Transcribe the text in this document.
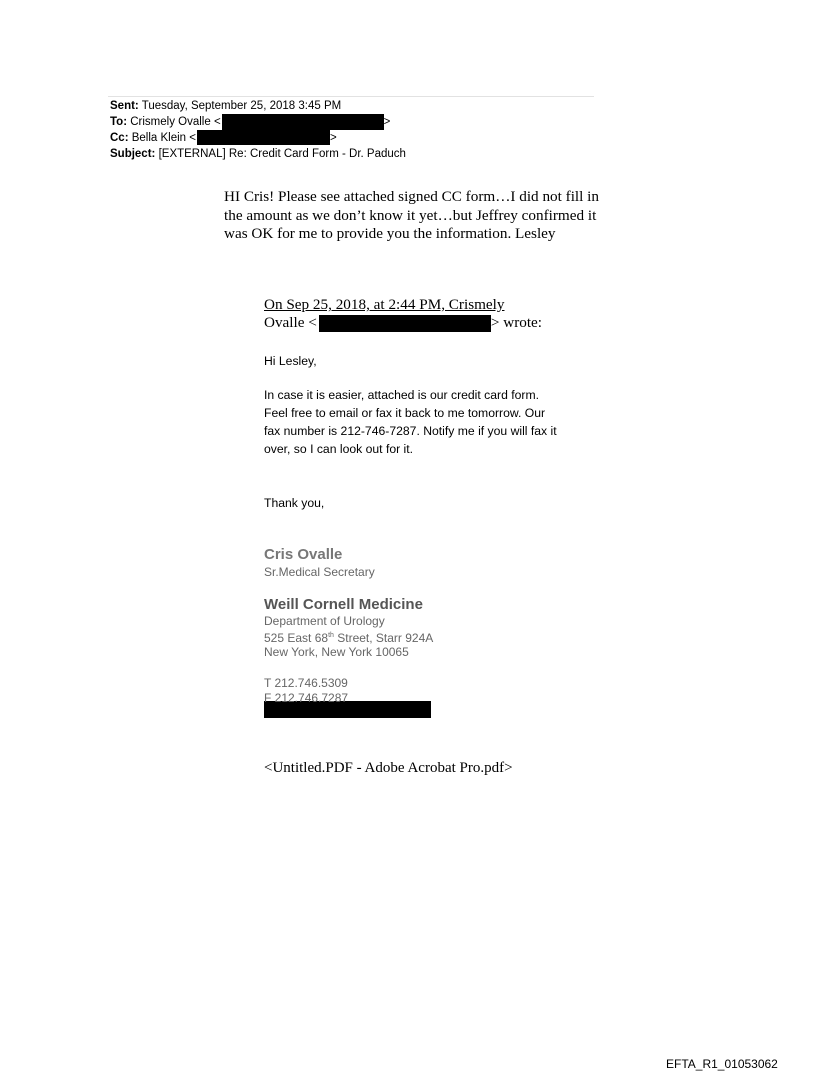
Sent: Tuesday, September 25, 2018 3:45 PM
To: Crismely Ovalle <	>
Cc: Bella Klein <	>
Subject: [EXTERNAL] Re: Credit Card Form - Dr. Paduch
HI Cris! Please see attached signed CC form…I did not fill in the amount as we don’t know it yet…but Jeffrey confirmed it was OK for me to provide you the information. Lesley
On Sep 25, 2018, at 2:44 PM, Crismely
Ovalle <	> wrote:
Hi Lesley,
In case it is easier, attached is our credit card form. Feel free to email or fax it back to me tomorrow. Our fax number is 212-746-7287. Notify me if you will fax it over, so I can look out for it.
Thank you,
Cris Ovalle
Sr.Medical Secretary
Weill Cornell Medicine
Department of Urology
525 East 68th Street, Starr 924A
New York, New York 10065
T 212.746.5309
F 212.746.7287
<Untitled.PDF - Adobe Acrobat Pro.pdf>
EFTA_R1_01053062
